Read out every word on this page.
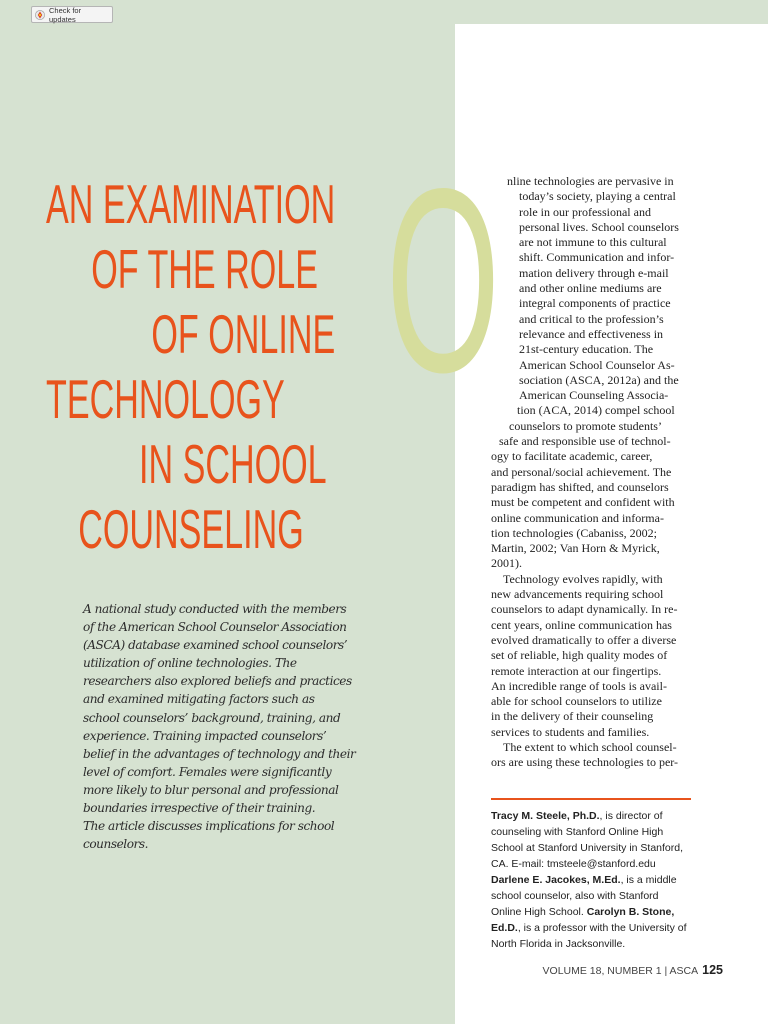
Check for updates
AN EXAMINATION
OF THE ROLE
OF ONLINE
TECHNOLOGY
IN SCHOOL
COUNSELING

A national study conducted with the members
of the American School Counselor Association
(ASCA) database examined school counselors’
utilization of online technologies. The
researchers also explored beliefs and practices
and examined mitigating factors such as
school counselors’ background, training, and
experience. Training impacted counselors’
belief in the advantages of technology and their
level of comfort. Females were significantly
more likely to blur personal and professional
boundaries irrespective of their training.
The article discusses implications for school
counselors.

O nline technologies are pervasive in
today’s society, playing a central
role in our professional and
personal lives. School counselors
are not immune to this cultural
shift. Communication and infor-
mation delivery through e-mail
and other online mediums are
integral components of practice
and critical to the profession’s
relevance and effectiveness in
21st-century education. The
American School Counselor As-
sociation (ASCA, 2012a) and the
American Counseling Associa-
tion (ACA, 2014) compel school
counselors to promote students’
safe and responsible use of technol-
ogy to facilitate academic, career,
and personal/social achievement. The
paradigm has shifted, and counselors
must be competent and confident with
online communication and informa-
tion technologies (Cabaniss, 2002;
Martin, 2002; Van Horn & Myrick,
2001).
Technology evolves rapidly, with
new advancements requiring school
counselors to adapt dynamically. In re-
cent years, online communication has
evolved dramatically to offer a diverse
set of reliable, high quality modes of
remote interaction at our fingertips.
An incredible range of tools is avail-
able for school counselors to utilize
in the delivery of their counseling
services to students and families.
The extent to which school counsel-
ors are using these technologies to per-

Tracy M. Steele, Ph.D., is director of
counseling with Stanford Online High
School at Stanford University in Stanford,
CA. E-mail: tmsteele@stanford.edu
Darlene E. Jacokes, M.Ed., is a middle
school counselor, also with Stanford
Online High School. Carolyn B. Stone,
Ed.D., is a professor with the University of
North Florida in Jacksonville.

VOLUME 18, NUMBER 1 | ASCA 125
